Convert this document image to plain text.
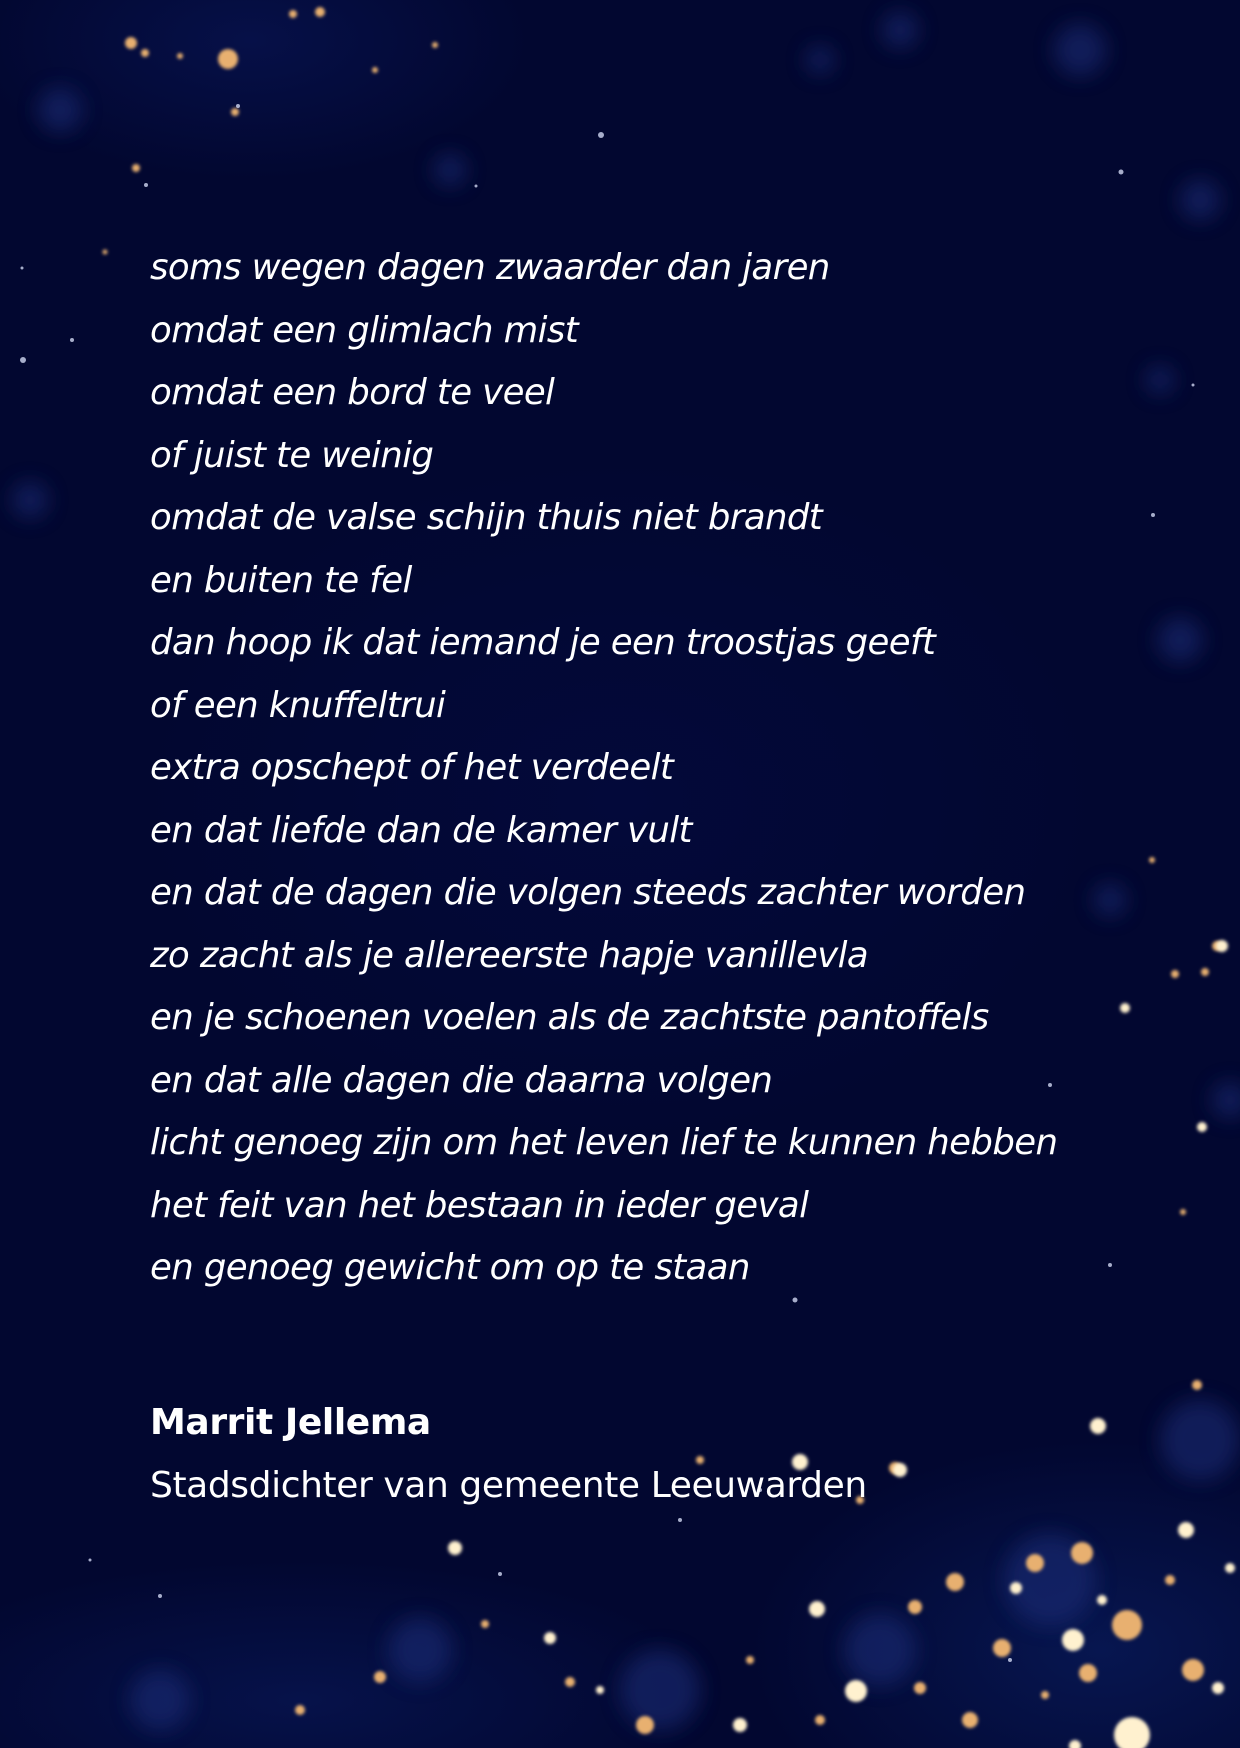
soms wegen dagen zwaarder dan jaren
omdat een glimlach mist
omdat een bord te veel
of juist te weinig
omdat de valse schijn thuis niet brandt
en buiten te fel
dan hoop ik dat iemand je een troostjas geeft
of een knuffeltrui
extra opschept of het verdeelt
en dat liefde dan de kamer vult
en dat de dagen die volgen steeds zachter worden
zo zacht als je allereerste hapje vanillevla
en je schoenen voelen als de zachtste pantoffels
en dat alle dagen die daarna volgen
licht genoeg zijn om het leven lief te kunnen hebben
het feit van het bestaan in ieder geval
en genoeg gewicht om op te staan
Marrit Jellema
Stadsdichter van gemeente Leeuwarden
